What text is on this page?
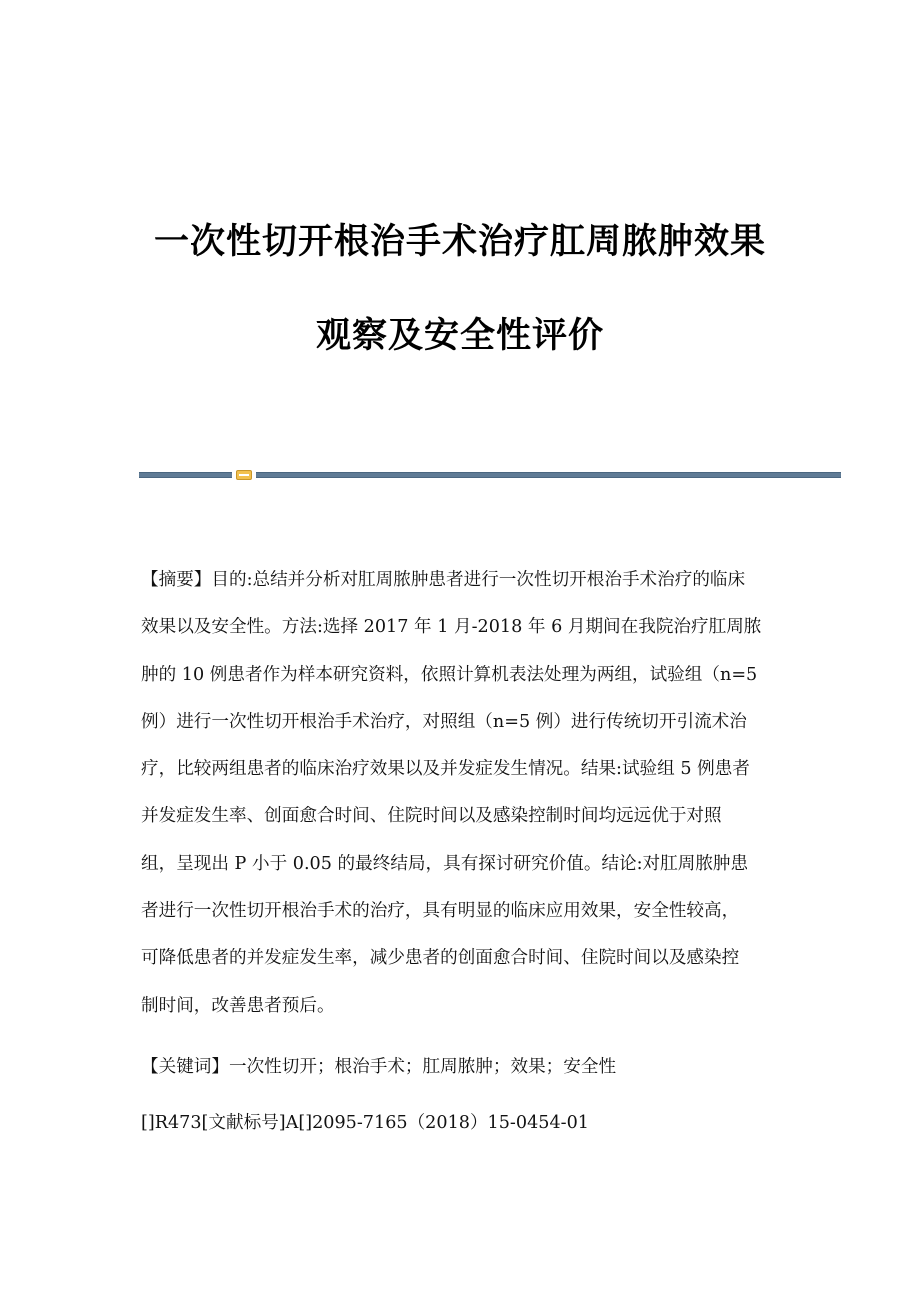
一次性切开根治手术治疗肛周脓肿效果
观察及安全性评价
【摘要】目的:总结并分析对肛周脓肿患者进行一次性切开根治手术治疗的临床
效果以及安全性。方法:选择 2017 年 1 月-2018 年 6 月期间在我院治疗肛周脓
肿的 10 例患者作为样本研究资料，依照计算机表法处理为两组，试验组（n=5
例）进行一次性切开根治手术治疗，对照组（n=5 例）进行传统切开引流术治
疗，比较两组患者的临床治疗效果以及并发症发生情况。结果:试验组 5 例患者
并发症发生率、创面愈合时间、住院时间以及感染控制时间均远远优于对照
组，呈现出 P 小于 0.05 的最终结局，具有探讨研究价值。结论:对肛周脓肿患
者进行一次性切开根治手术的治疗，具有明显的临床应用效果，安全性较高，
可降低患者的并发症发生率，减少患者的创面愈合时间、住院时间以及感染控
制时间，改善患者预后。

【关键词】一次性切开；根治手术；肛周脓肿；效果；安全性

[]R473[文献标号]A[]2095-7165（2018）15-0454-01
